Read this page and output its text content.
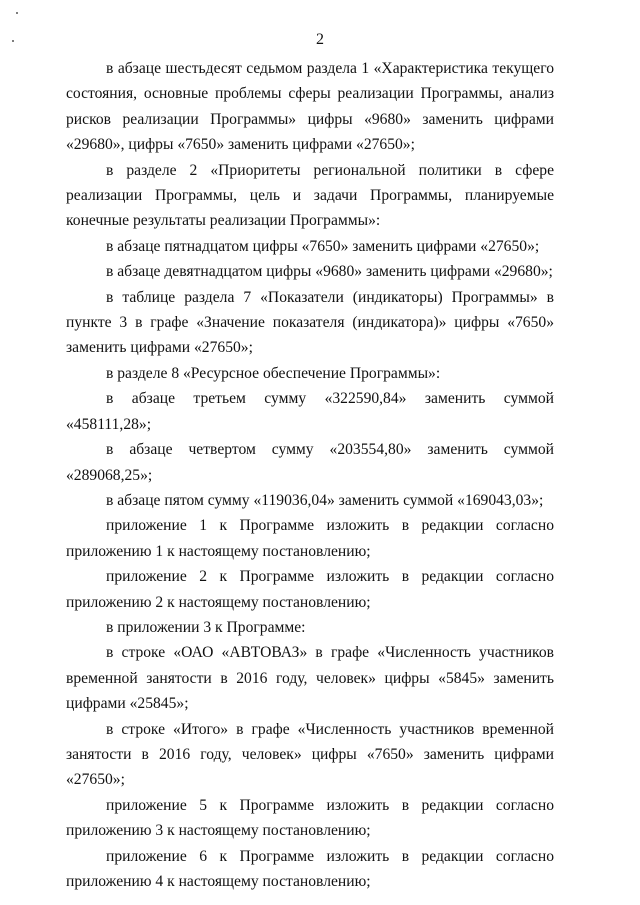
2

в абзаце шестьдесят седьмом раздела 1 «Характеристика текущего состояния, основные проблемы сферы реализации Программы, анализ рисков реализации Программы» цифры «9680» заменить цифрами «29680», цифры «7650» заменить цифрами «27650»;

в разделе 2 «Приоритеты региональной политики в сфере реализации Программы, цель и задачи Программы, планируемые конечные результаты реализации Программы»:

в абзаце пятнадцатом цифры «7650» заменить цифрами «27650»;

в абзаце девятнадцатом цифры «9680» заменить цифрами «29680»;

в таблице раздела 7 «Показатели (индикаторы) Программы» в пункте 3 в графе «Значение показателя (индикатора)» цифры «7650» заменить цифрами «27650»;

в разделе 8 «Ресурсное обеспечение Программы»:

в абзаце третьем сумму «322590,84» заменить суммой «458111,28»;

в абзаце четвертом сумму «203554,80» заменить суммой «289068,25»;

в абзаце пятом сумму «119036,04» заменить суммой «169043,03»;

приложение 1 к Программе изложить в редакции согласно приложению 1 к настоящему постановлению;

приложение 2 к Программе изложить в редакции согласно приложению 2 к настоящему постановлению;

в приложении 3 к Программе:

в строке «ОАО «АВТОВАЗ» в графе «Численность участников временной занятости в 2016 году, человек» цифры «5845» заменить цифрами «25845»;

в строке «Итого» в графе «Численность участников временной занятости в 2016 году, человек» цифры «7650» заменить цифрами «27650»;

приложение 5 к Программе изложить в редакции согласно приложению 3 к настоящему постановлению;

приложение 6 к Программе изложить в редакции согласно приложению 4 к настоящему постановлению;
